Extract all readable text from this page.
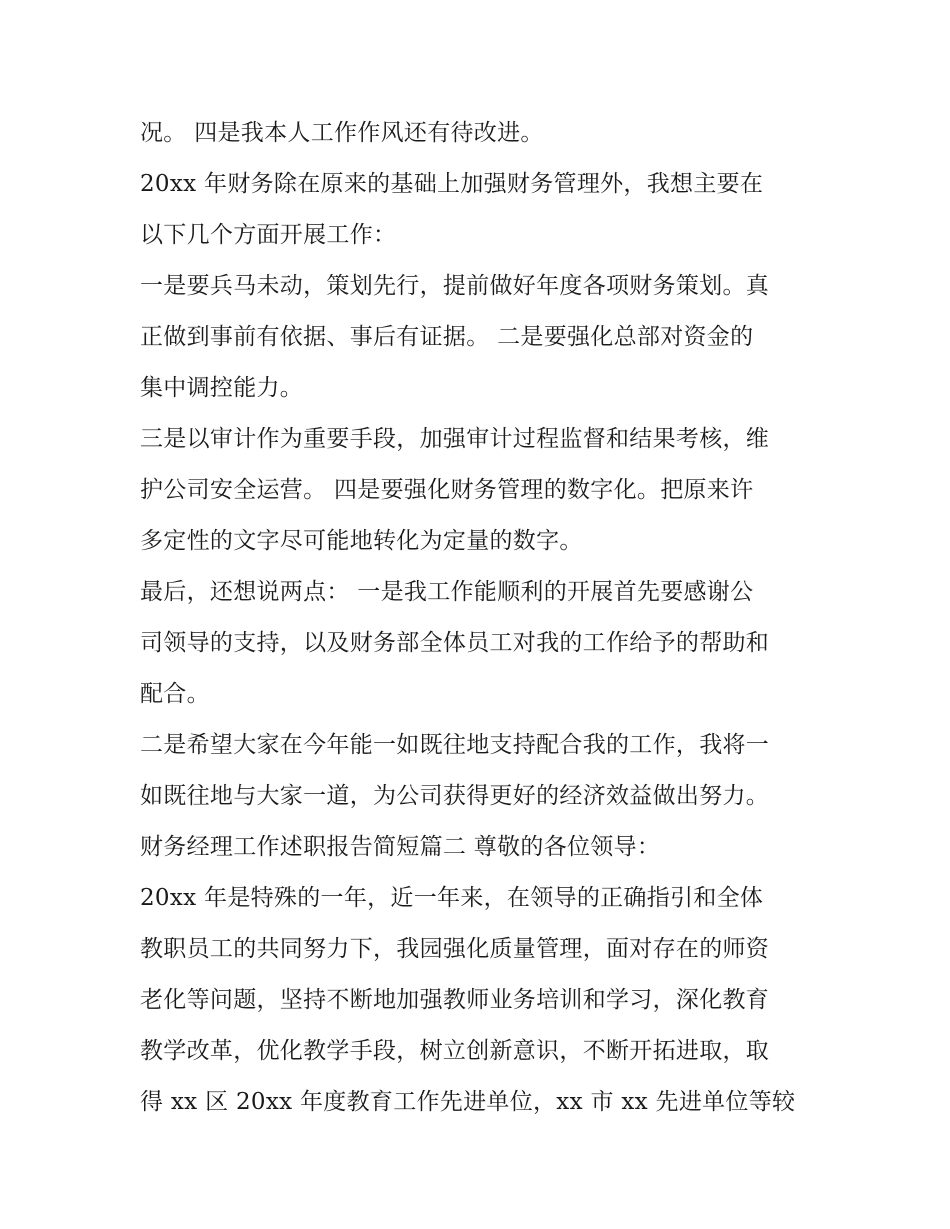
况。 四是我本人工作作风还有待改进。
20xx 年财务除在原来的基础上加强财务管理外，我想主要在
以下几个方面开展工作：
一是要兵马未动，策划先行，提前做好年度各项财务策划。真
正做到事前有依据、事后有证据。 二是要强化总部对资金的
集中调控能力。
三是以审计作为重要手段，加强审计过程监督和结果考核，维
护公司安全运营。 四是要强化财务管理的数字化。把原来许
多定性的文字尽可能地转化为定量的数字。
最后，还想说两点： 一是我工作能顺利的开展首先要感谢公
司领导的支持，以及财务部全体员工对我的工作给予的帮助和
配合。
二是希望大家在今年能一如既往地支持配合我的工作，我将一
如既往地与大家一道，为公司获得更好的经济效益做出努力。
财务经理工作述职报告简短篇二 尊敬的各位领导：
20xx 年是特殊的一年，近一年来，在领导的正确指引和全体
教职员工的共同努力下，我园强化质量管理，面对存在的师资
老化等问题，坚持不断地加强教师业务培训和学习，深化教育
教学改革，优化教学手段，树立创新意识，不断开拓进取，取
得 xx 区 20xx 年度教育工作先进单位，xx 市 xx 先进单位等较
